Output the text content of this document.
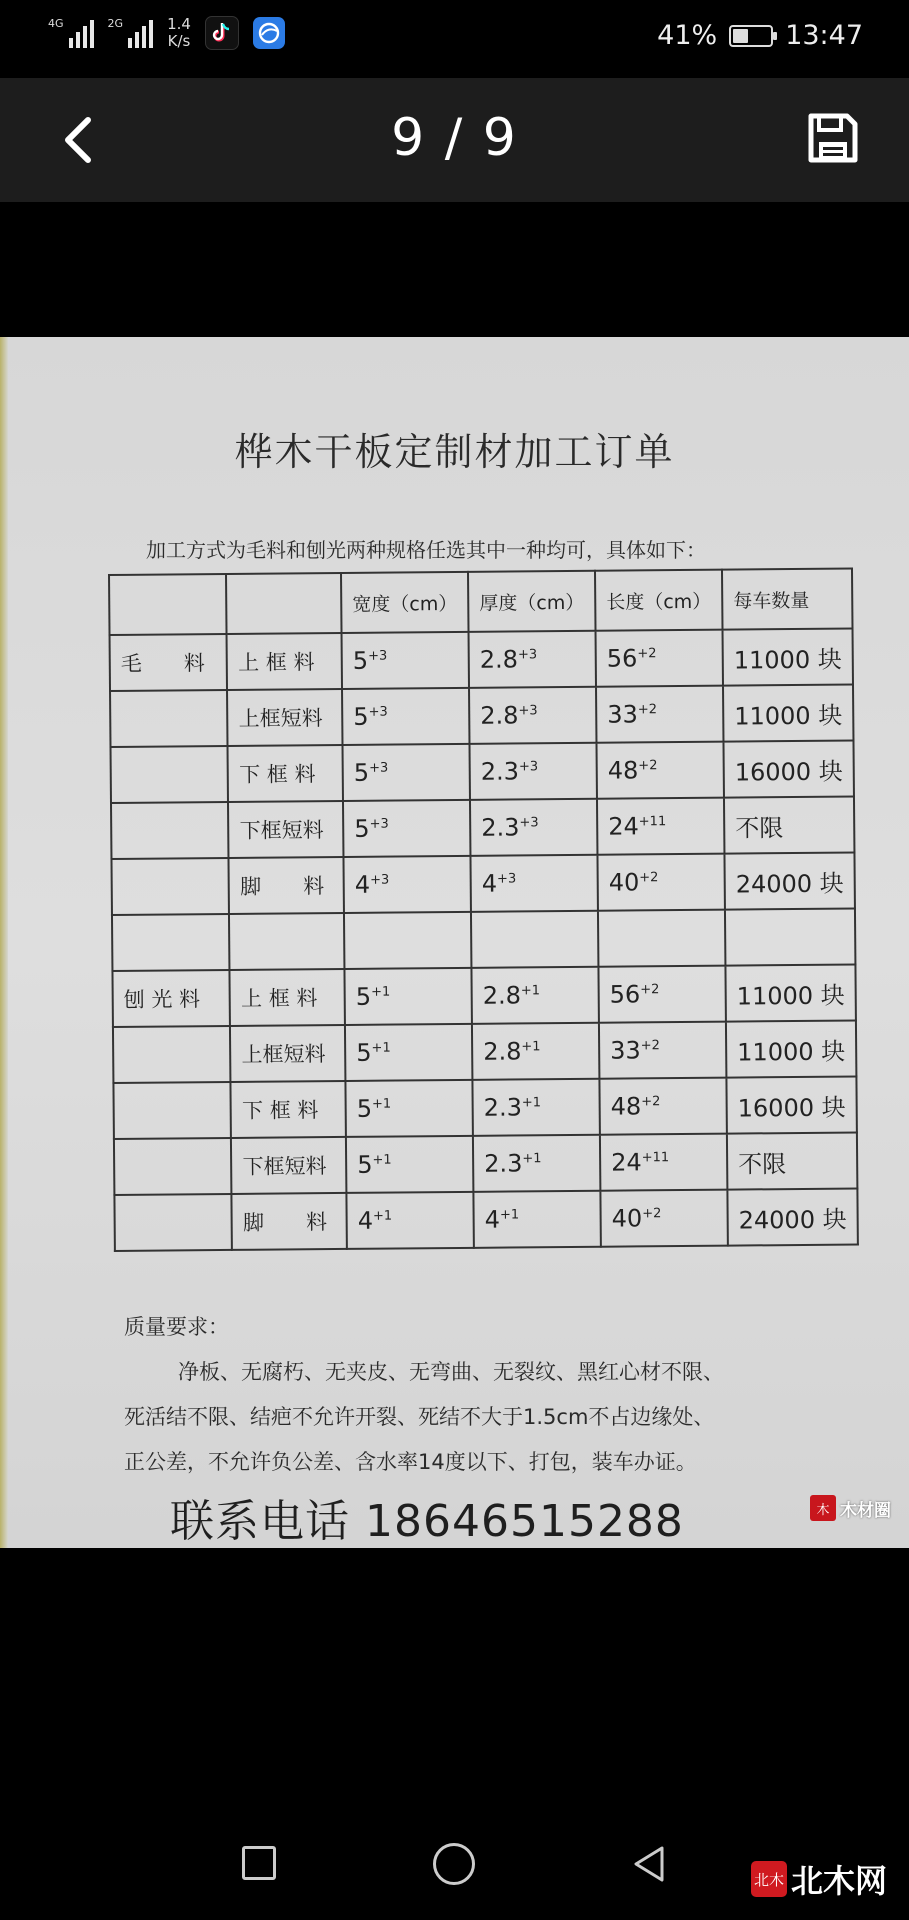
4G	2G	1.4
K/s	41%	13:47
9 / 9
桦木干板定制材加工订单
加工方式为毛料和刨光两种规格任选其中一种均可，具体如下：
		宽度（cm）	厚度（cm）	长度（cm）	每车数量
毛　　料	上 框 料	$5^{+3}$	$2.8^{+3}$	$56^{+2}$	11000 块
	上框短料	$5^{+3}$	$2.8^{+3}$	$33^{+2}$	11000 块
	下 框 料	$5^{+3}$	$2.3^{+3}$	$48^{+2}$	16000 块
	下框短料	$5^{+3}$	$2.3^{+3}$	$24^{+11}$	不限
	脚　　料	$4^{+3}$	$4^{+3}$	$40^{+2}$	24000 块

刨 光 料	上 框 料	$5^{+1}$	$2.8^{+1}$	$56^{+2}$	11000 块
	上框短料	$5^{+1}$	$2.8^{+1}$	$33^{+2}$	11000 块
	下 框 料	$5^{+1}$	$2.3^{+1}$	$48^{+2}$	16000 块
	下框短料	$5^{+1}$	$2.3^{+1}$	$24^{+11}$	不限
	脚　　料	$4^{+1}$	$4^{+1}$	$40^{+2}$	24000 块
质量要求：
净板、无腐朽、无夹皮、无弯曲、无裂纹、黑红心材不限、
死活结不限、结疤不允许开裂、死结不大于1.5cm不占边缘处、
正公差，不允许负公差、含水率14度以下、打包，装车办证。
联系电话 18646515288	木 木材圈
北木 北木网
